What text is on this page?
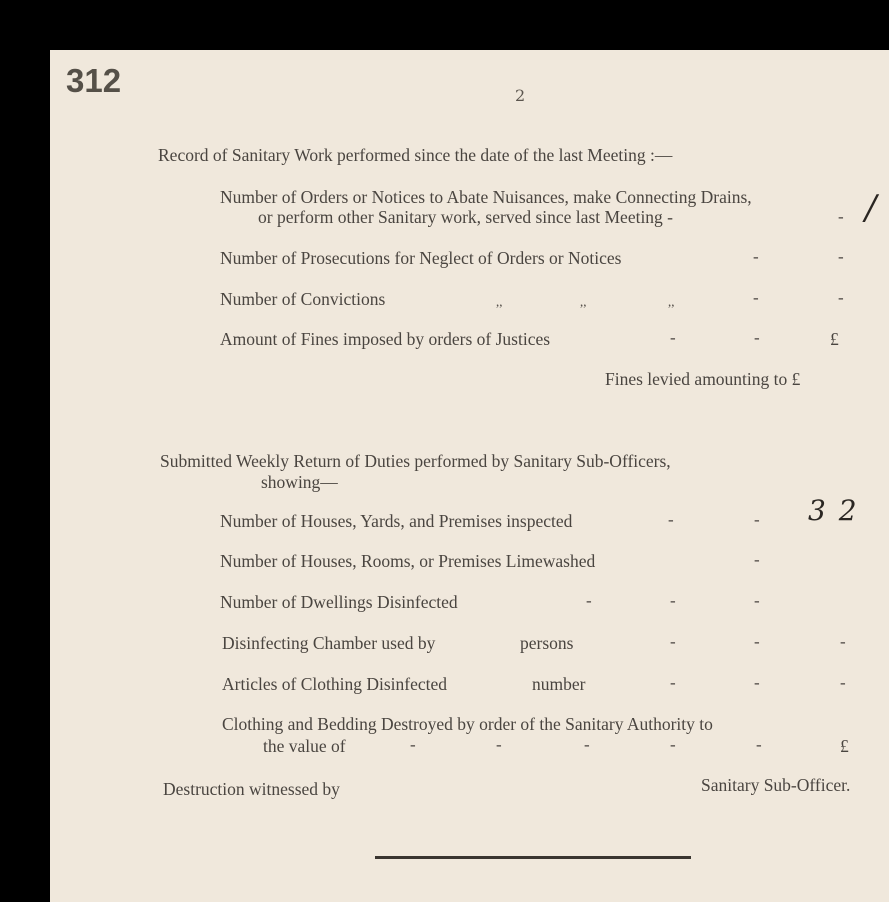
312	2
Record of Sanitary Work performed since the date of the last Meeting :—
Number of Orders or Notices to Abate Nuisances, make Connecting Drains,
or perform other Sanitary work, served since last Meeting -	- /
Number of Prosecutions for Neglect of Orders or Notices	-	-
Number of Convictions	,,	,,	,,	-	-
Amount of Fines imposed by orders of Justices	-	-	£
Fines levied amounting to £
Submitted Weekly Return of Duties performed by Sanitary Sub-Officers,
showing—
Number of Houses, Yards, and Premises inspected	-	- 3 2
Number of Houses, Rooms, or Premises Limewashed	-
Number of Dwellings Disinfected	-	-	-
Disinfecting Chamber used by	persons	-	-	-
Articles of Clothing Disinfected	number	-	-	-
Clothing and Bedding Destroyed by order of the Sanitary Authority to
the value of	-	-	-	-	-	£
Destruction witnessed by	Sanitary Sub-Officer.
